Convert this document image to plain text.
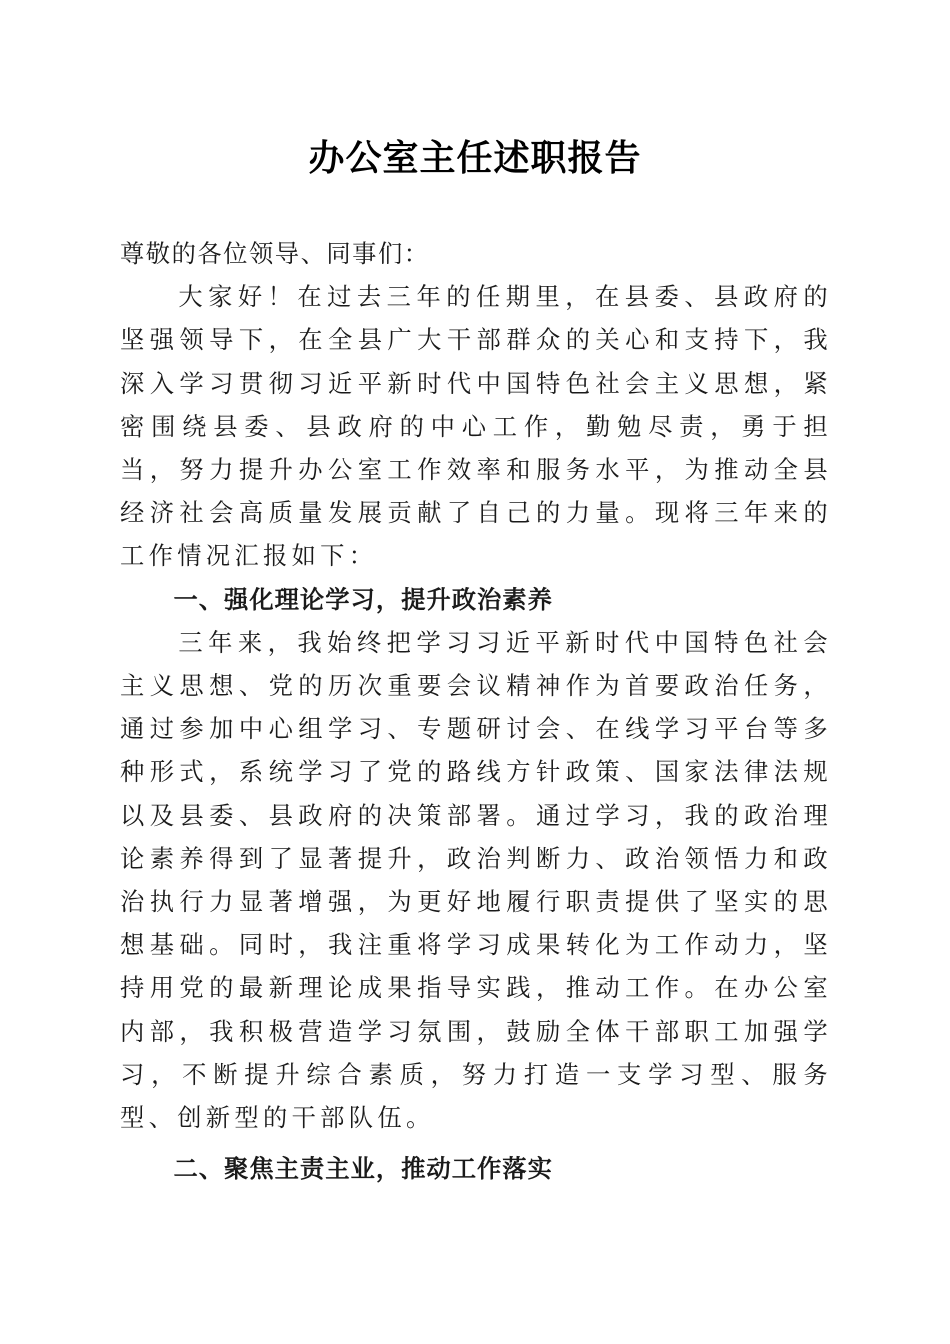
办公室主任述职报告

尊敬的各位领导、同事们：

大家好！在过去三年的任期里，在县委、县政府的坚强领导下，在全县广大干部群众的关心和支持下，我深入学习贯彻习近平新时代中国特色社会主义思想，紧密围绕县委、县政府的中心工作，勤勉尽责，勇于担当，努力提升办公室工作效率和服务水平，为推动全县经济社会高质量发展贡献了自己的力量。现将三年来的工作情况汇报如下：

一、强化理论学习，提升政治素养

三年来，我始终把学习习近平新时代中国特色社会主义思想、党的历次重要会议精神作为首要政治任务，通过参加中心组学习、专题研讨会、在线学习平台等多种形式，系统学习了党的路线方针政策、国家法律法规以及县委、县政府的决策部署。通过学习，我的政治理论素养得到了显著提升，政治判断力、政治领悟力和政治执行力显著增强，为更好地履行职责提供了坚实的思想基础。同时，我注重将学习成果转化为工作动力，坚持用党的最新理论成果指导实践，推动工作。在办公室内部，我积极营造学习氛围，鼓励全体干部职工加强学习，不断提升综合素质，努力打造一支学习型、服务型、创新型的干部队伍。

二、聚焦主责主业，推动工作落实
